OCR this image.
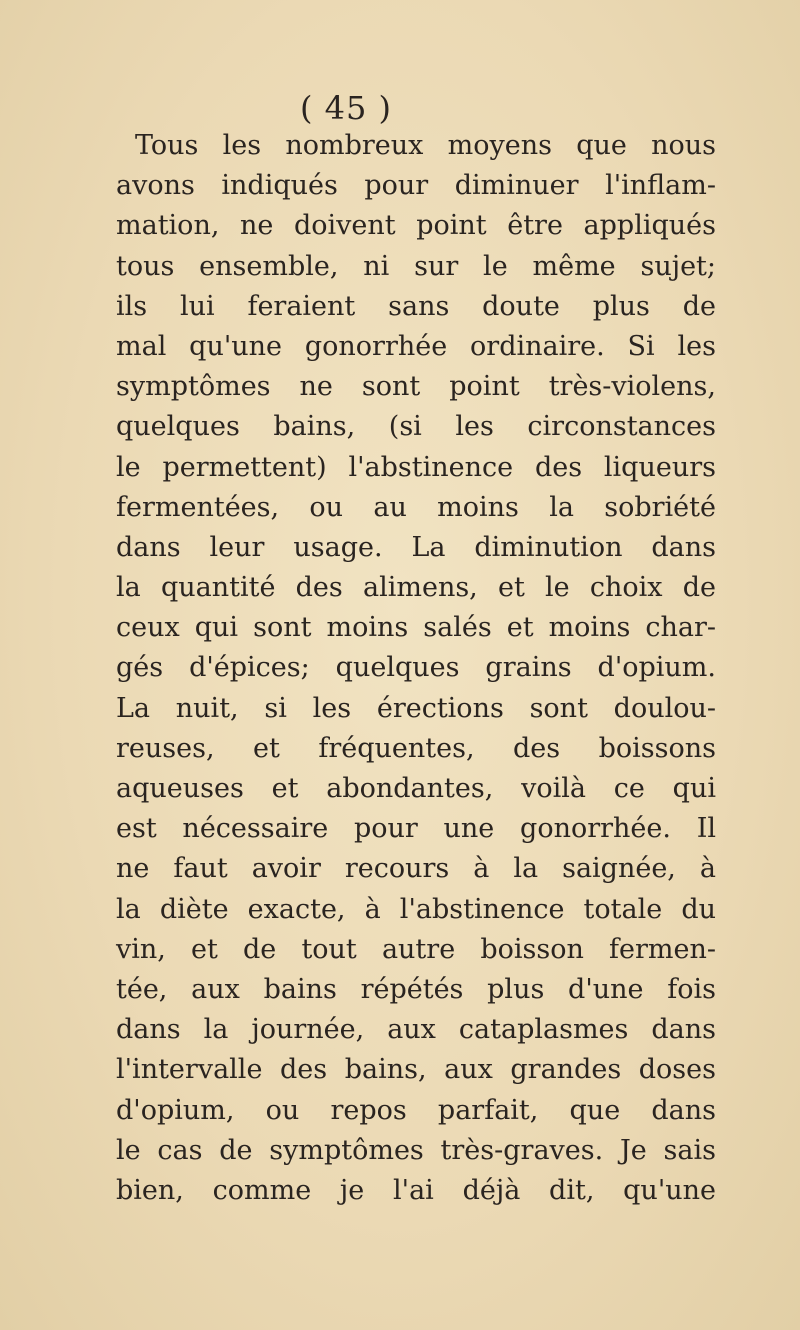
( 45 )
Tous les nombreux moyens que nous
avons indiqués pour diminuer l'inflam-
mation, ne doivent point être appliqués
tous ensemble, ni sur le même sujet;
ils lui feraient sans doute plus de
mal qu'une gonorrhée ordinaire. Si les
symptômes ne sont point très-violens,
quelques bains, (si les circonstances
le permettent) l'abstinence des liqueurs
fermentées, ou au moins la sobriété
dans leur usage. La diminution dans
la quantité des alimens, et le choix de
ceux qui sont moins salés et moins char-
gés d'épices; quelques grains d'opium.
La nuit, si les érections sont doulou-
reuses, et fréquentes, des boissons
aqueuses et abondantes, voilà ce qui
est nécessaire pour une gonorrhée. Il
ne faut avoir recours à la saignée, à
la diète exacte, à l'abstinence totale du
vin, et de tout autre boisson fermen-
tée, aux bains répétés plus d'une fois
dans la journée, aux cataplasmes dans
l'intervalle des bains, aux grandes doses
d'opium, ou repos parfait, que dans
le cas de symptômes très-graves. Je sais
bien, comme je l'ai déjà dit, qu'une
